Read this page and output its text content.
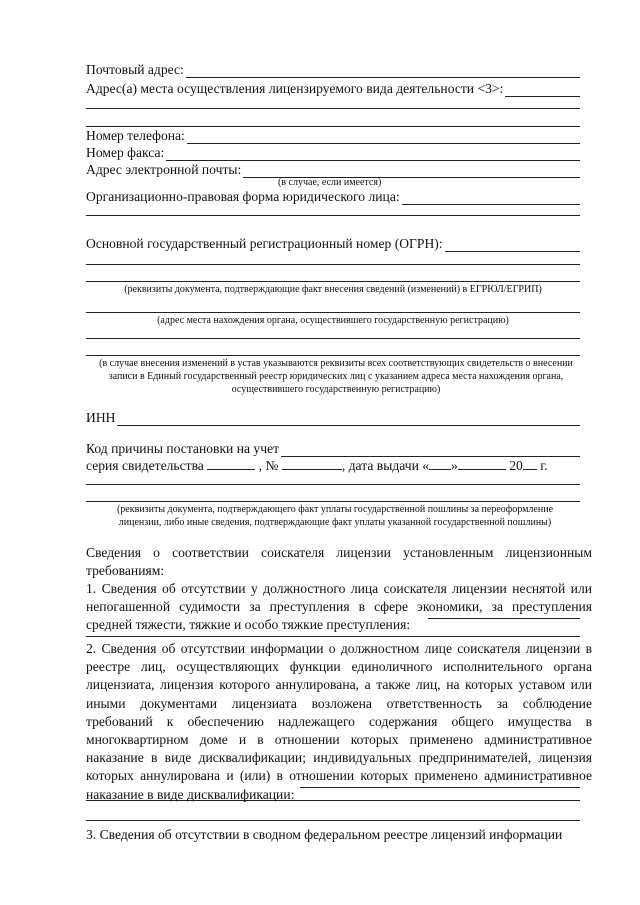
Почтовый адрес:
Адрес(а) места осуществления лицензируемого вида деятельности <3>:
Номер телефона:
Номер факса:
Адрес электронной почты:
(в случае, если имеется)
Организационно-правовая форма юридического лица:
Основной государственный регистрационный номер (ОГРН):
(реквизиты документа, подтверждающие факт внесения сведений (изменений) в ЕГРЮЛ/ЕГРИП)
(адрес места нахождения органа, осуществившего государственную регистрацию)
(в случае внесения изменений в устав указываются реквизиты всех соответствующих свидетельств о внесении записи в Единый государственный реестр юридических лиц с указанием адреса места нахождения органа, осуществившего государственную регистрацию)
ИНН
Код причины постановки на учет
серия свидетельства	, №	, дата выдачи « »	20 г.
(реквизиты документа, подтверждающего факт уплаты государственной пошлины за переоформление лицензии, либо иные сведения, подтверждающие факт уплаты указанной государственной пошлины)
Сведения о соответствии соискателя лицензии установленным лицензионным требованиям:
1. Сведения об отсутствии у должностного лица соискателя лицензии неснятой или непогашенной судимости за преступления в сфере экономики, за преступления средней тяжести, тяжкие и особо тяжкие преступления:
2. Сведения об отсутствии информации о должностном лице соискателя лицензии в реестре лиц, осуществляющих функции единоличного исполнительного органа лицензиата, лицензия которого аннулирована, а также лиц, на которых уставом или иными документами лицензиата возложена ответственность за соблюдение требований к обеспечению надлежащего содержания общего имущества в многоквартирном доме и в отношении которых применено административное наказание в виде дисквалификации; индивидуальных предпринимателей, лицензия которых аннулирована и (или) в отношении которых применено административное наказание в виде дисквалификации:
3. Сведения об отсутствии в сводном федеральном реестре лицензий информации
